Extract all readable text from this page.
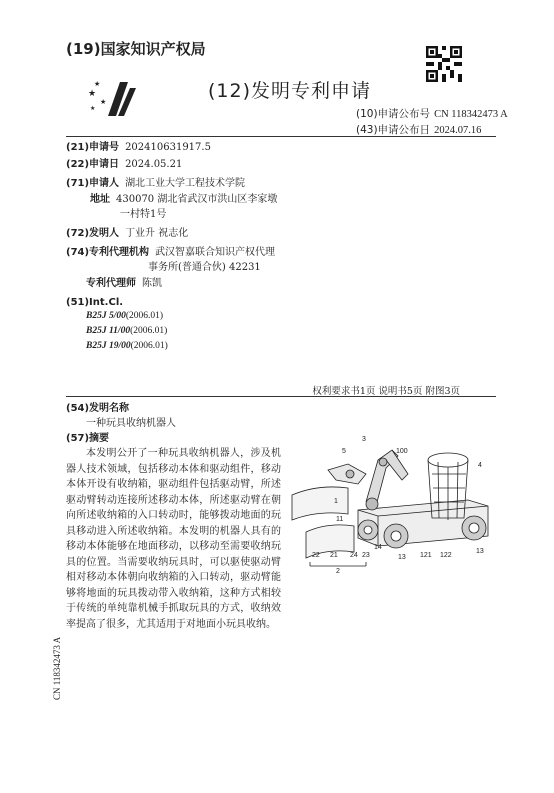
★
★
★
★
(19)国家知识产权局
(12)发明专利申请
(10)申请公布号 CN 118342473 A
(43)申请公布日 2024.07.16
(21)申请号 202410631917.5
(22)申请日 2024.05.21
(71)申请人 湖北工业大学工程技术学院
地址 430070 湖北省武汉市洪山区李家墩
一村特1号
(72)发明人 丁业升 祝志化
(74)专利代理机构 武汉智嘉联合知识产权代理
事务所(普通合伙) 42231
专利代理师 陈凯
(51)Int.Cl.
B25J 5/00(2006.01)
B25J 11/00(2006.01)
B25J 19/00(2006.01)
权利要求书1页 说明书5页 附图3页
(54)发明名称
一种玩具收纳机器人
(57)摘要
本发明公开了一种玩具收纳机器人，涉及机器人技术领域，包括移动本体和驱动组件，移动本体开设有收纳箱，驱动组件包括驱动臂，所述驱动臂转动连接所述移动本体，所述驱动臂在朝向所述收纳箱的入口转动时，能够拨动地面的玩具移动进入所述收纳箱。本发明的机器人具有的移动本体能够在地面移动，以移动至需要收纳玩具的位置。当需要收纳玩具时，可以驱使驱动臂相对移动本体朝向收纳箱的入口转动，驱动臂能够将地面的玩具拨动带入收纳箱，这种方式相较于传统的单纯靠机械手抓取玩具的方式，收纳效率提高了很多，尤其适用于对地面小玩具收纳。
3
5	100
4
1
11
14
22 21 24 23	13 121 122
13
2
CN 118342473 A
